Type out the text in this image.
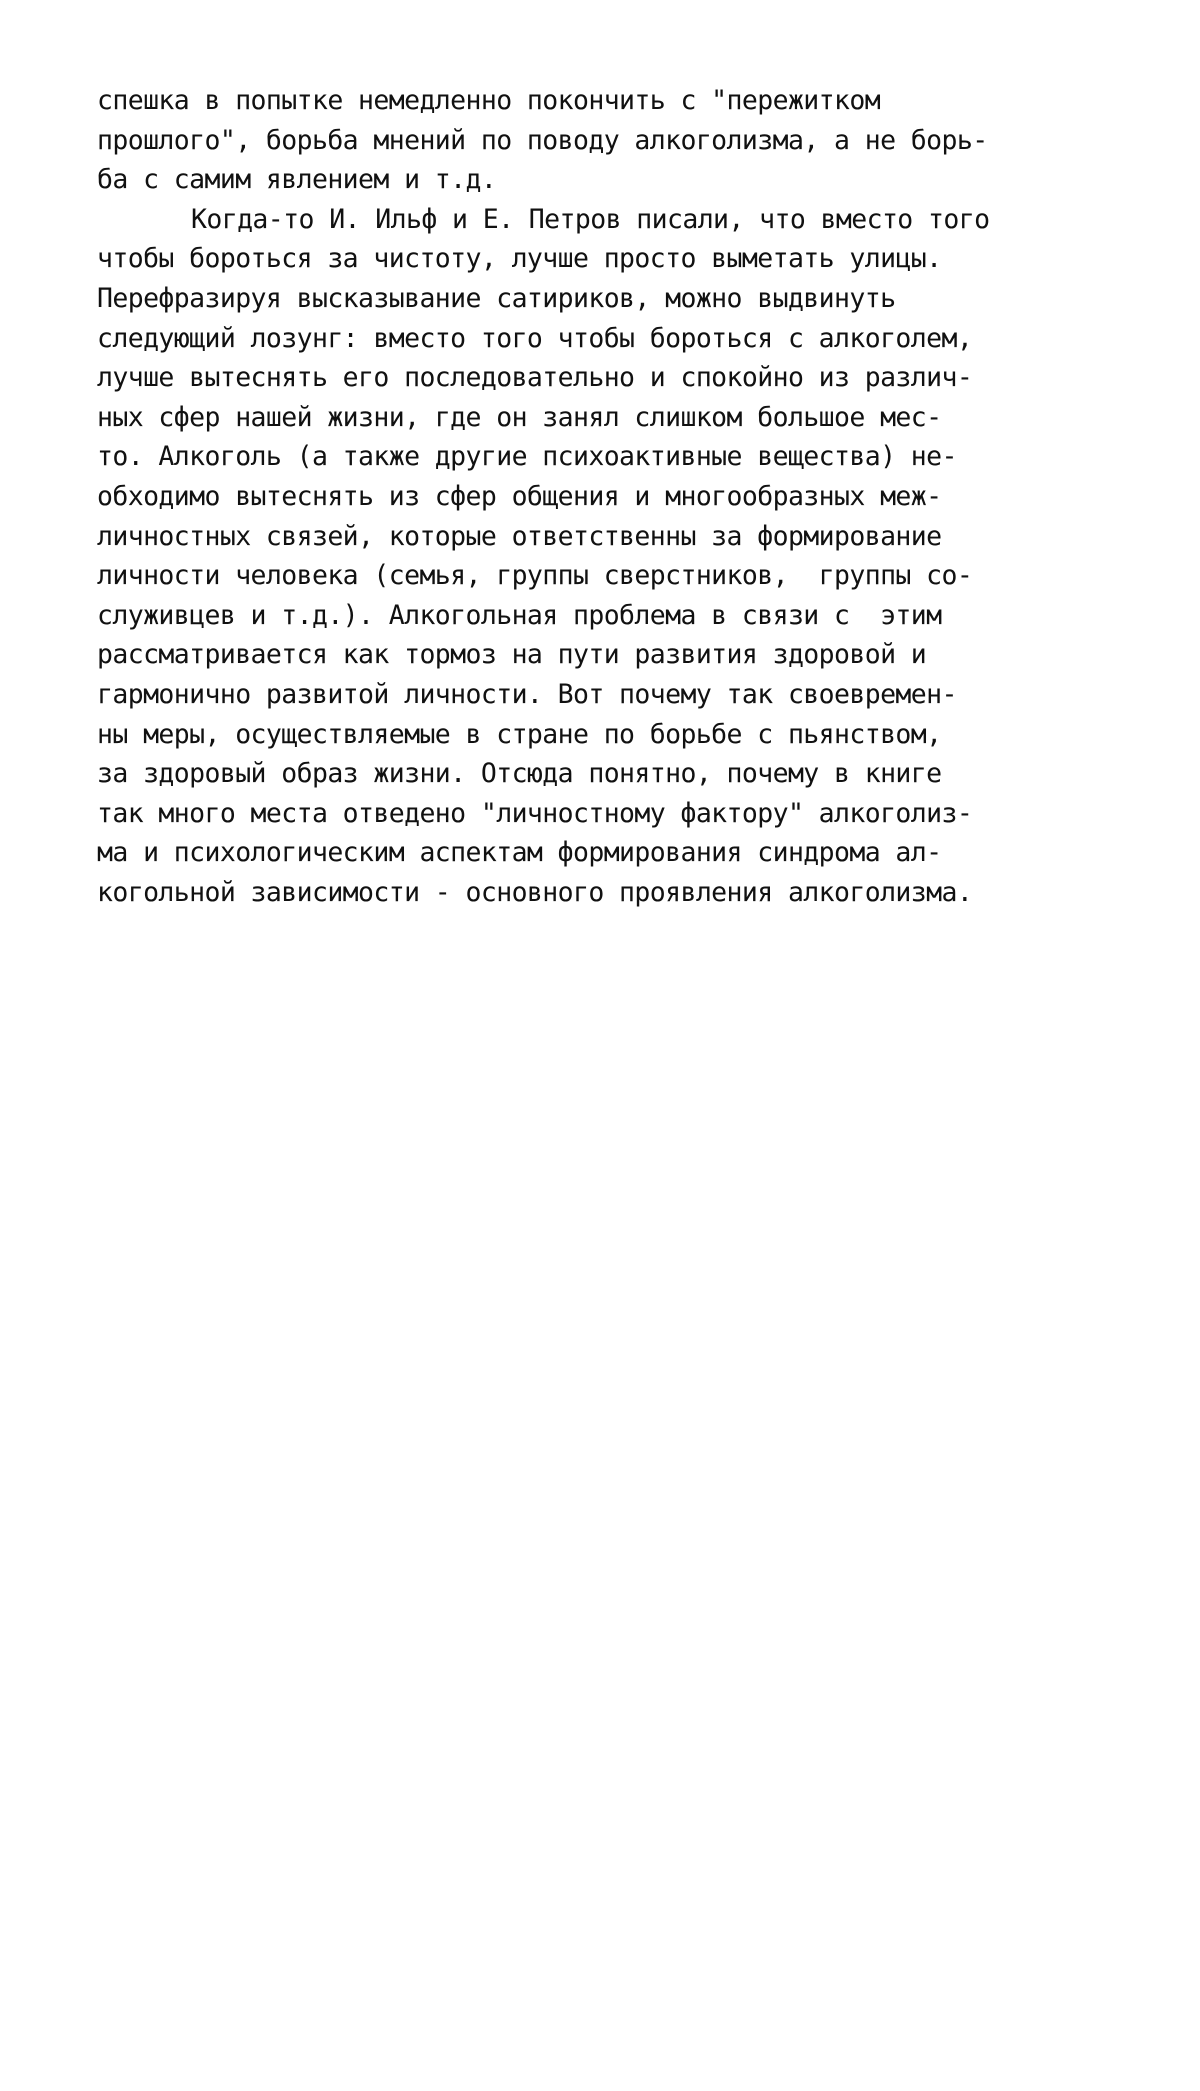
спешка в попытке немедленно покончить с "пережитком
прошлого", борьба мнений по поводу алкоголизма, а не борь-
ба с самим явлением и т.д.
Когда-то И. Ильф и Е. Петров писали, что вместо того
чтобы бороться за чистоту, лучше просто выметать улицы.
Перефразируя высказывание сатириков, можно выдвинуть
следующий лозунг: вместо того чтобы бороться с алкоголем,
лучше вытеснять его последовательно и спокойно из различ-
ных сфер нашей жизни, где он занял слишком большое мес-
то. Алкоголь (а также другие психоактивные вещества) не-
обходимо вытеснять из сфер общения и многообразных меж-
личностных связей, которые ответственны за формирование
личности человека (семья, группы сверстников,  группы со-
служивцев и т.д.). Алкогольная проблема в связи с  этим
рассматривается как тормоз на пути развития здоровой и
гармонично развитой личности. Вот почему так своевремен-
ны меры, осуществляемые в стране по борьбе с пьянством,
за здоровый образ жизни. Отсюда понятно, почему в книге
так много места отведено "личностному фактору" алкоголиз-
ма и психологическим аспектам формирования синдрома ал-
когольной зависимости - основного проявления алкоголизма.
